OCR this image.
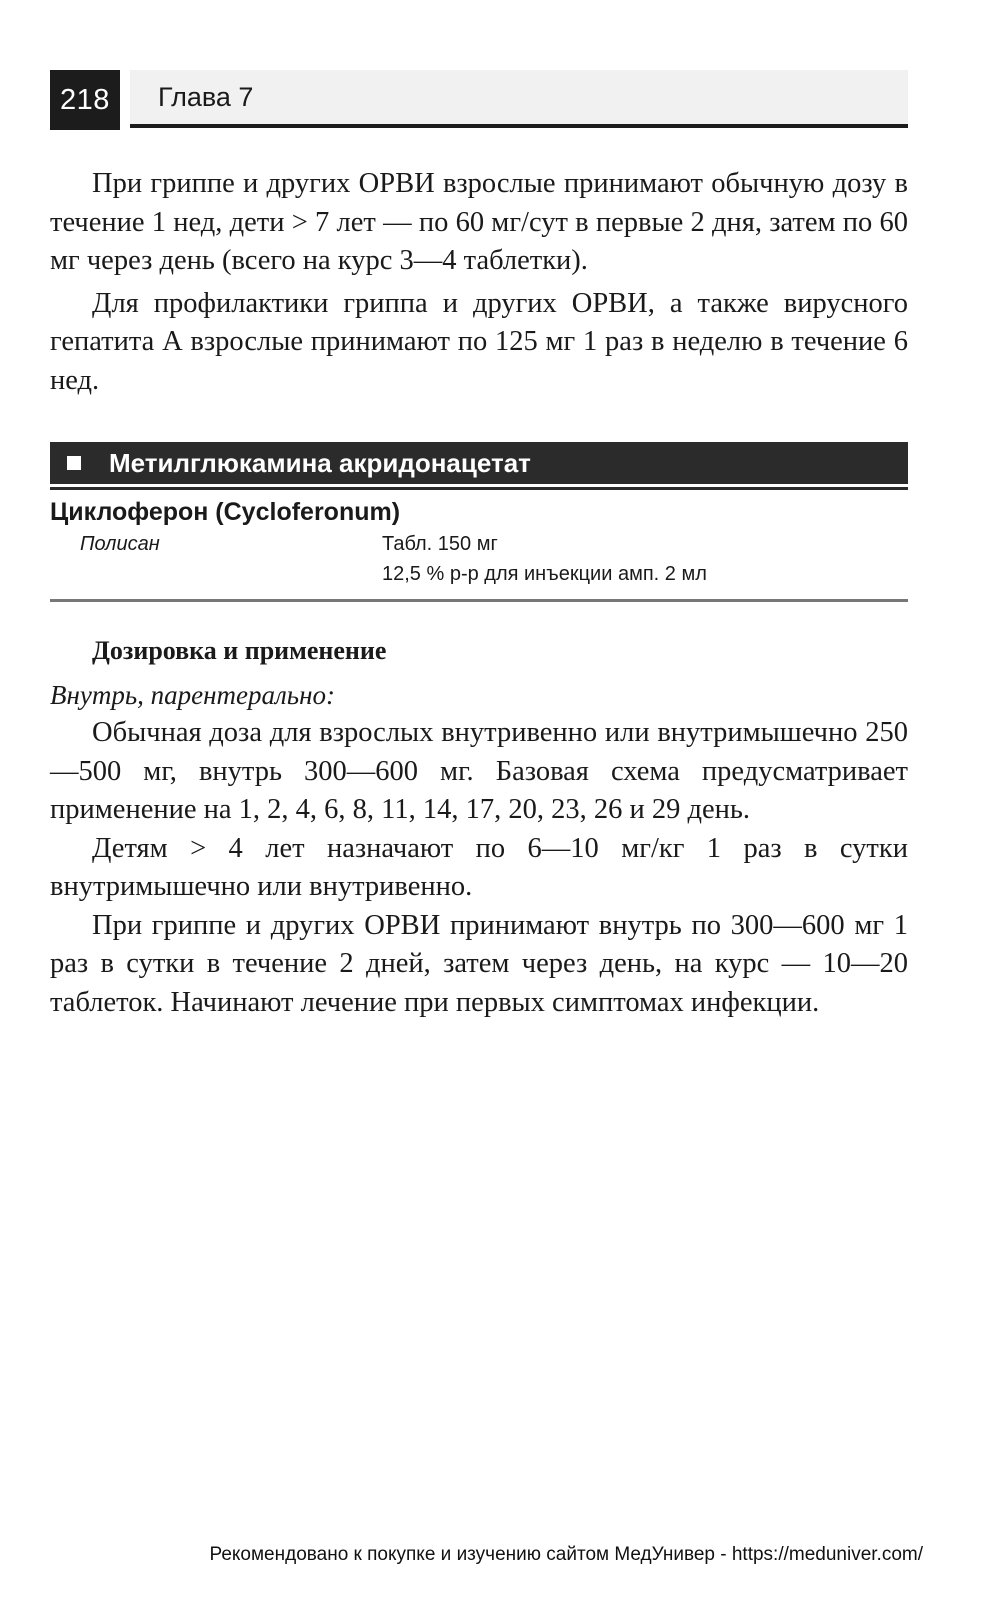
218	Глава 7

При гриппе и других ОРВИ взрослые принимают обычную дозу в течение 1 нед, дети > 7 лет — по 60 мг/сут в первые 2 дня, затем по 60 мг через день (всего на курс 3—4 таблетки).

Для профилактики гриппа и других ОРВИ, а также вирусного гепатита А взрослые принимают по 125 мг 1 раз в неделю в течение 6 нед.

Метилглюкамина акридонацетат
Циклоферон (Cycloferonum)
Полисан	Табл. 150 мг
12,5 % р-р для инъекции амп. 2 мл
Дозировка и применение
Внутрь, парентерально:

Обычная доза для взрослых внутривенно или внутримышечно 250—500 мг, внутрь 300—600 мг. Базовая схема предусматривает применение на 1, 2, 4, 6, 8, 11, 14, 17, 20, 23, 26 и 29 день.

Детям > 4 лет назначают по 6—10 мг/кг 1 раз в сутки внутримышечно или внутривенно.

При гриппе и других ОРВИ принимают внутрь по 300—600 мг 1 раз в сутки в течение 2 дней, затем через день, на курс — 10—20 таблеток. Начинают лечение при первых симптомах инфекции.

Рекомендовано к покупке и изучению сайтом МедУнивер - https://meduniver.com/
